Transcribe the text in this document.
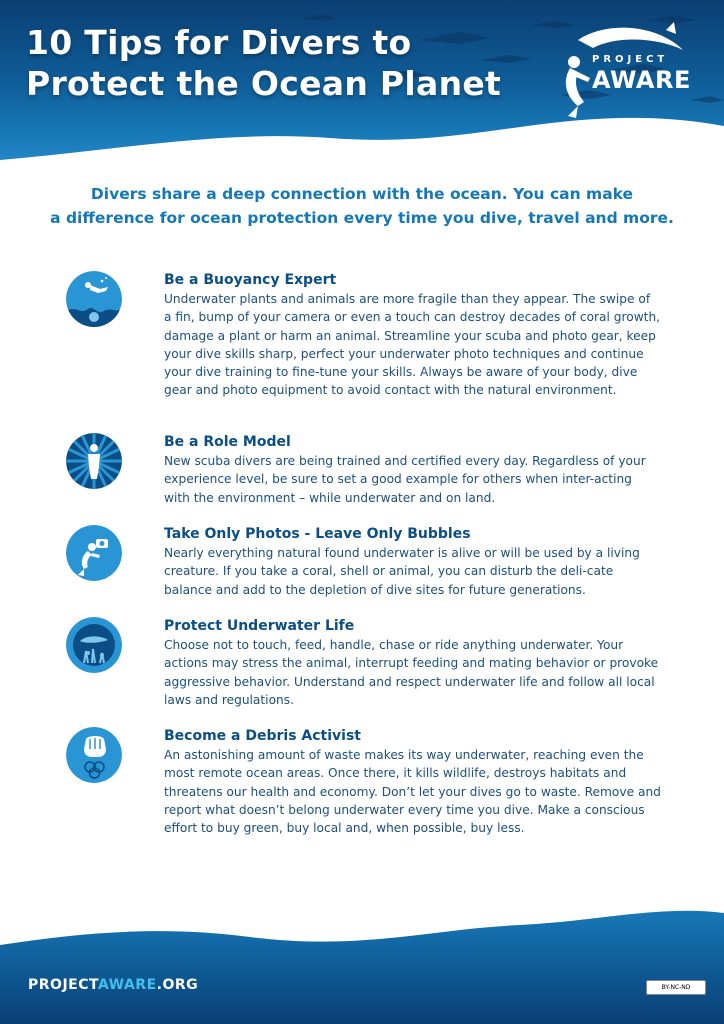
10 Tips for Divers to
Protect the Ocean Planet
PROJECT
AWARE

Divers share a deep connection with the ocean. You can make
a difference for ocean protection every time you dive, travel and more.

Be a Buoyancy Expert

Underwater plants and animals are more fragile than they appear. The swipe of a fin, bump of your camera or even a touch can destroy decades of coral growth, damage a plant or harm an animal. Streamline your scuba and photo gear, keep your dive skills sharp, perfect your underwater photo techniques and continue your dive training to fine-tune your skills. Always be aware of your body, dive gear and photo equipment to avoid contact with the natural environment.

Be a Role Model

New scuba divers are being trained and certified every day. Regardless of your experience level, be sure to set a good example for others when inter-acting with the environment – while underwater and on land.

Take Only Photos - Leave Only Bubbles

Nearly everything natural found underwater is alive or will be used by a living creature. If you take a coral, shell or animal, you can disturb the deli-cate balance and add to the depletion of dive sites for future generations.

Protect Underwater Life

Choose not to touch, feed, handle, chase or ride anything underwater. Your actions may stress the animal, interrupt feeding and mating behavior or provoke aggressive behavior. Understand and respect underwater life and follow all local laws and regulations.

Become a Debris Activist

An astonishing amount of waste makes its way underwater, reaching even the most remote ocean areas. Once there, it kills wildlife, destroys habitats and threatens our health and economy. Don’t let your dives go to waste. Remove and report what doesn’t belong underwater every time you dive. Make a conscious effort to buy green, buy local and, when possible, buy less.

PROJECTAWARE.ORG	BY-NC-ND
